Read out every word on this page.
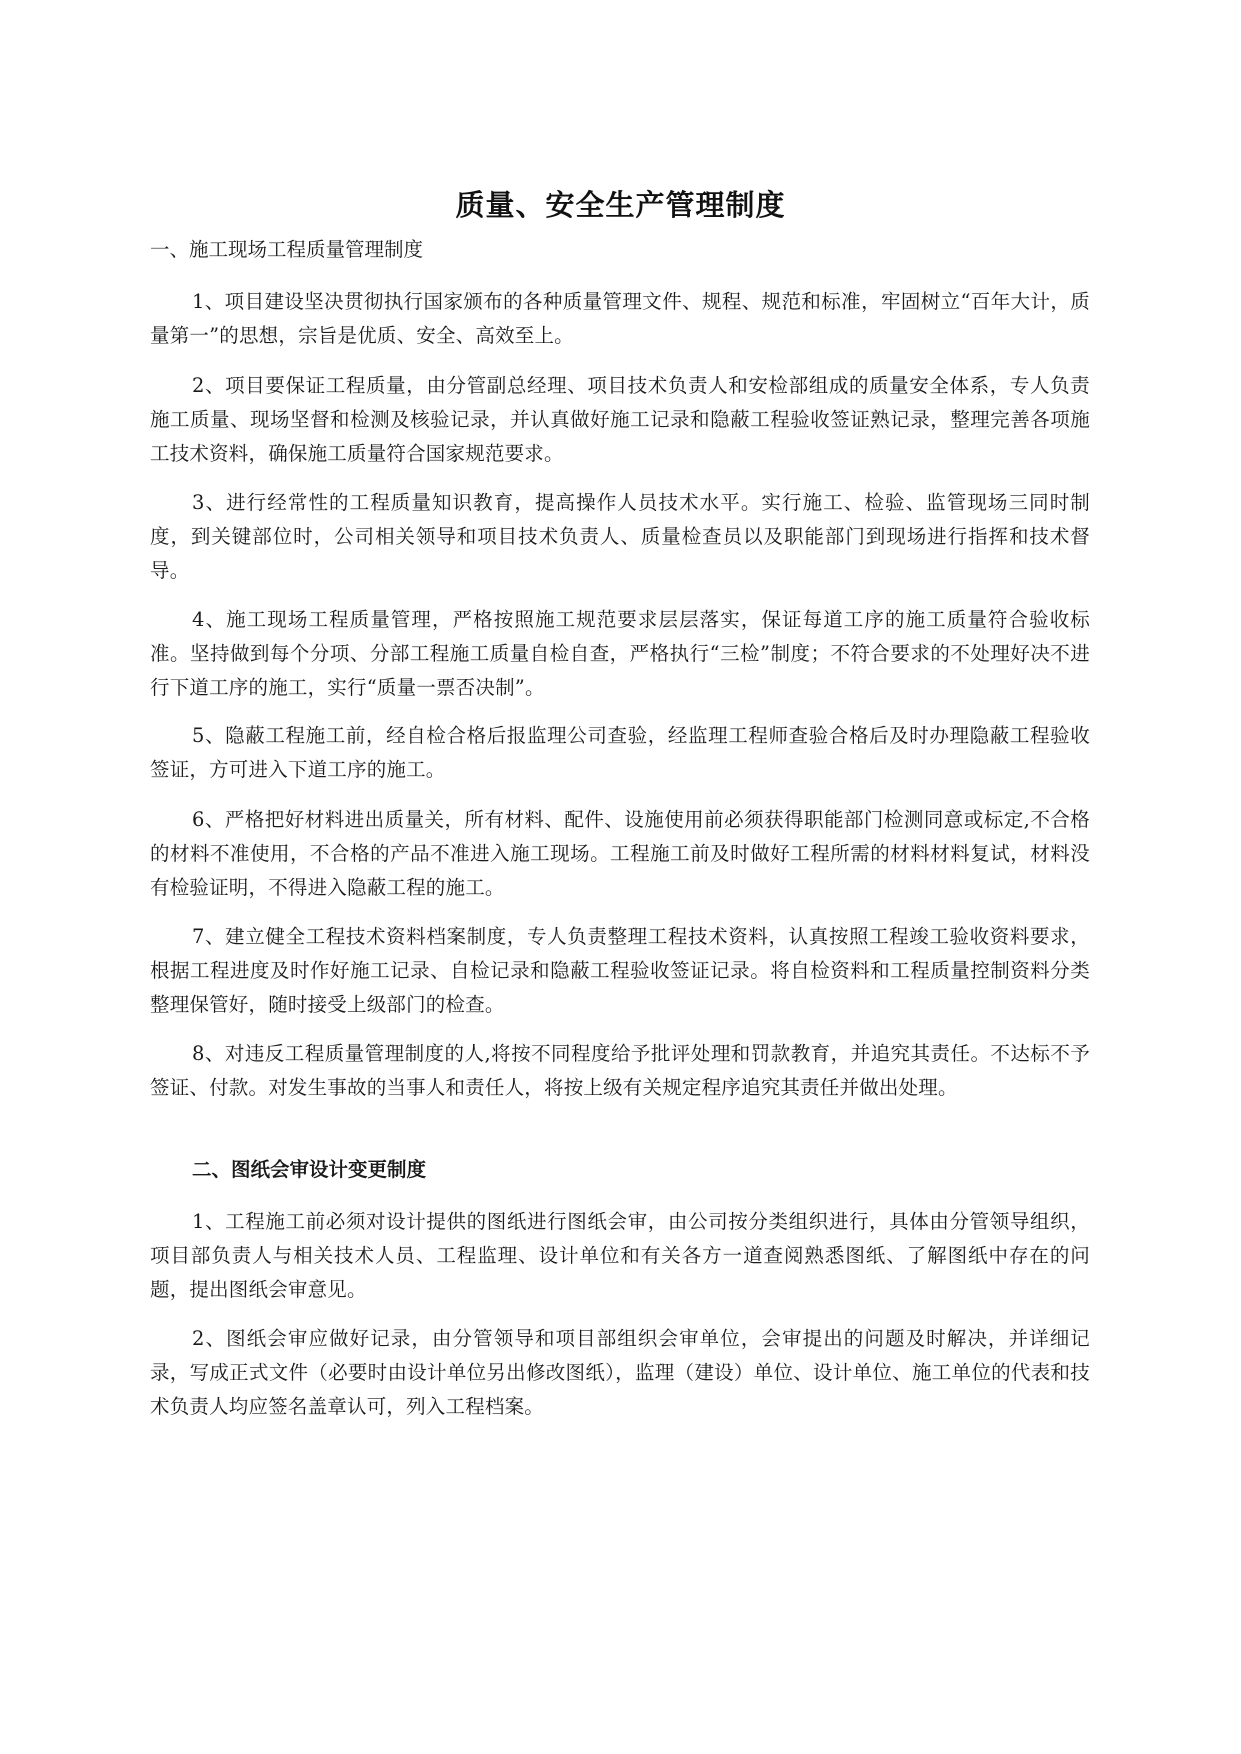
质量、安全生产管理制度

一、施工现场工程质量管理制度

1、项目建设坚决贯彻执行国家颁布的各种质量管理文件、规程、规范和标准，牢固树立“百年大计，质量第一”的思想，宗旨是优质、安全、高效至上。

2、项目要保证工程质量，由分管副总经理、项目技术负责人和安检部组成的质量安全体系，专人负责施工质量、现场坚督和检测及核验记录，并认真做好施工记录和隐蔽工程验收签证熟记录，整理完善各项施工技术资料，确保施工质量符合国家规范要求。

3、进行经常性的工程质量知识教育，提高操作人员技术水平。实行施工、检验、监管现场三同时制度，到关键部位时，公司相关领导和项目技术负责人、质量检查员以及职能部门到现场进行指挥和技术督导。

4、施工现场工程质量管理，严格按照施工规范要求层层落实，保证每道工序的施工质量符合验收标准。坚持做到每个分项、分部工程施工质量自检自查，严格执行“三检”制度；不符合要求的不处理好决不进行下道工序的施工，实行“质量一票否决制”。

5、隐蔽工程施工前，经自检合格后报监理公司查验，经监理工程师查验合格后及时办理隐蔽工程验收签证，方可进入下道工序的施工。

6、严格把好材料进出质量关，所有材料、配件、设施使用前必须获得职能部门检测同意或标定,不合格的材料不准使用，不合格的产品不准进入施工现场。工程施工前及时做好工程所需的材料材料复试，材料没有检验证明，不得进入隐蔽工程的施工。

7、建立健全工程技术资料档案制度，专人负责整理工程技术资料，认真按照工程竣工验收资料要求，根据工程进度及时作好施工记录、自检记录和隐蔽工程验收签证记录。将自检资料和工程质量控制资料分类整理保管好，随时接受上级部门的检查。

8、对违反工程质量管理制度的人,将按不同程度给予批评处理和罚款教育，并追究其责任。不达标不予签证、付款。对发生事故的当事人和责任人，将按上级有关规定程序追究其责任并做出处理。

二、图纸会审设计变更制度

1、工程施工前必须对设计提供的图纸进行图纸会审，由公司按分类组织进行，具体由分管领导组织，项目部负责人与相关技术人员、工程监理、设计单位和有关各方一道查阅熟悉图纸、了解图纸中存在的问题，提出图纸会审意见。

2、图纸会审应做好记录，由分管领导和项目部组织会审单位，会审提出的问题及时解决，并详细记录，写成正式文件（必要时由设计单位另出修改图纸），监理（建设）单位、设计单位、施工单位的代表和技术负责人均应签名盖章认可，列入工程档案。
